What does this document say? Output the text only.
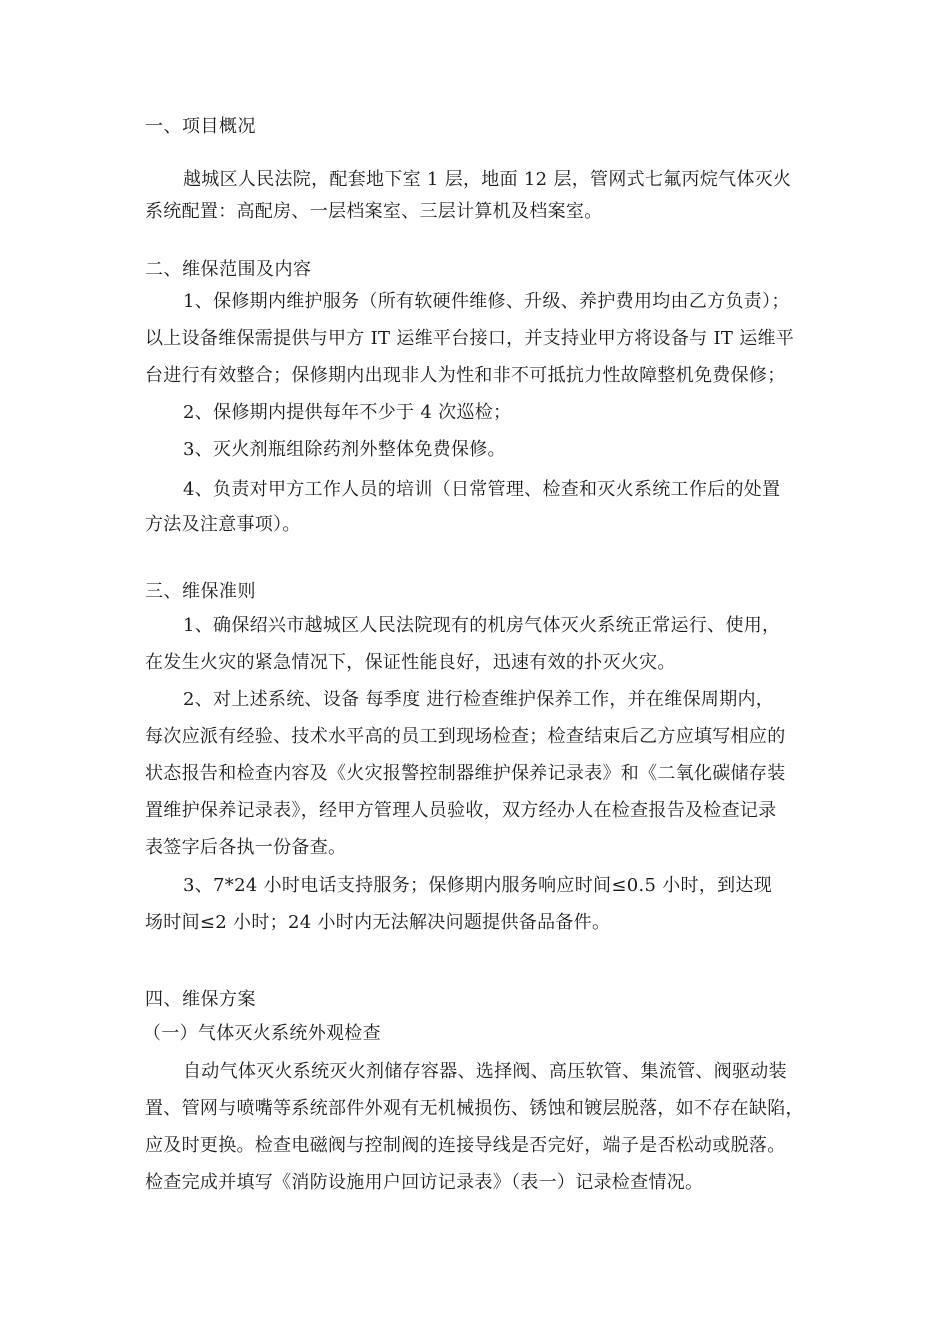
一、项目概况
越城区人民法院，配套地下室 1 层，地面 12 层，管网式七氟丙烷气体灭火
系统配置：高配房、一层档案室、三层计算机及档案室。
二、维保范围及内容
1、保修期内维护服务（所有软硬件维修、升级、养护费用均由乙方负责）；
以上设备维保需提供与甲方 IT 运维平台接口，并支持业甲方将设备与 IT 运维平
台进行有效整合；保修期内出现非人为性和非不可抵抗力性故障整机免费保修；
2、保修期内提供每年不少于 4 次巡检；
3、灭火剂瓶组除药剂外整体免费保修。
4、负责对甲方工作人员的培训（日常管理、检查和灭火系统工作后的处置
方法及注意事项）。
三、维保准则
1、确保绍兴市越城区人民法院现有的机房气体灭火系统正常运行、使用，
在发生火灾的紧急情况下，保证性能良好，迅速有效的扑灭火灾。
2、对上述系统、设备 每季度 进行检查维护保养工作，并在维保周期内，
每次应派有经验、技术水平高的员工到现场检查；检查结束后乙方应填写相应的
状态报告和检查内容及《火灾报警控制器维护保养记录表》和《二氧化碳储存装
置维护保养记录表》，经甲方管理人员验收，双方经办人在检查报告及检查记录
表签字后各执一份备查。
3、7*24 小时电话支持服务；保修期内服务响应时间≤0.5 小时，到达现
场时间≤2 小时；24 小时内无法解决问题提供备品备件。
四、维保方案
（一）气体灭火系统外观检查
自动气体灭火系统灭火剂储存容器、选择阀、高压软管、集流管、阀驱动装
置、管网与喷嘴等系统部件外观有无机械损伤、锈蚀和镀层脱落，如不存在缺陷，
应及时更换。检查电磁阀与控制阀的连接导线是否完好，端子是否松动或脱落。
检查完成并填写《消防设施用户回访记录表》（表一）记录检查情况。
